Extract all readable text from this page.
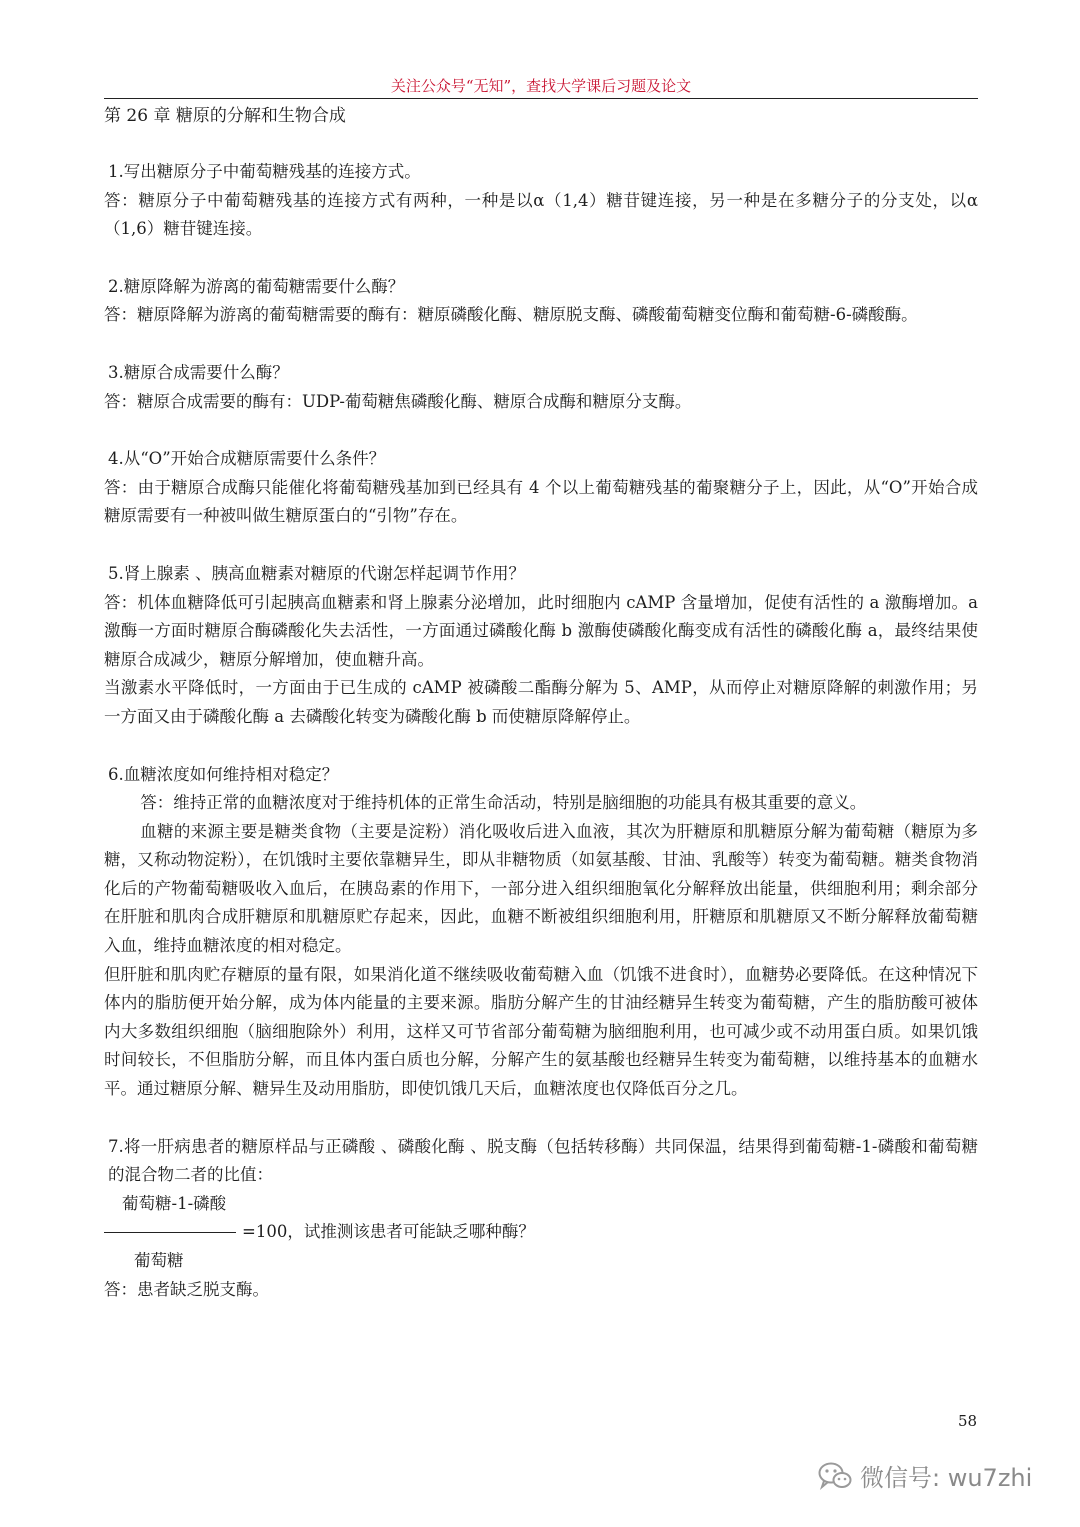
关注公众号“无知”，查找大学课后习题及论文
第 26 章 糖原的分解和生物合成

1.写出糖原分子中葡萄糖残基的连接方式。

答：糖原分子中葡萄糖残基的连接方式有两种，一种是以α（1,4）糖苷键连接，另一种是在多糖分子的分支处，以α（1,6）糖苷键连接。

2.糖原降解为游离的葡萄糖需要什么酶？

答：糖原降解为游离的葡萄糖需要的酶有：糖原磷酸化酶、糖原脱支酶、磷酸葡萄糖变位酶和葡萄糖-6-磷酸酶。

3.糖原合成需要什么酶？

答：糖原合成需要的酶有：UDP-葡萄糖焦磷酸化酶、糖原合成酶和糖原分支酶。

4.从“O”开始合成糖原需要什么条件？

答：由于糖原合成酶只能催化将葡萄糖残基加到已经具有 4 个以上葡萄糖残基的葡聚糖分子上，因此，从“O”开始合成糖原需要有一种被叫做生糖原蛋白的“引物”存在。

5.肾上腺素 、胰高血糖素对糖原的代谢怎样起调节作用？

答：机体血糖降低可引起胰高血糖素和肾上腺素分泌增加，此时细胞内 cAMP 含量增加，促使有活性的 a 激酶增加。a 激酶一方面时糖原合酶磷酸化失去活性，一方面通过磷酸化酶 b 激酶使磷酸化酶变成有活性的磷酸化酶 a，最终结果使糖原合成减少，糖原分解增加，使血糖升高。

当激素水平降低时，一方面由于已生成的 cAMP 被磷酸二酯酶分解为 5、AMP，从而停止对糖原降解的刺激作用；另一方面又由于磷酸化酶 a 去磷酸化转变为磷酸化酶 b 而使糖原降解停止。

6.血糖浓度如何维持相对稳定？

答：维持正常的血糖浓度对于维持机体的正常生命活动，特别是脑细胞的功能具有极其重要的意义。

血糖的来源主要是糖类食物（主要是淀粉）消化吸收后进入血液，其次为肝糖原和肌糖原分解为葡萄糖（糖原为多糖，又称动物淀粉），在饥饿时主要依靠糖异生，即从非糖物质（如氨基酸、甘油、乳酸等）转变为葡萄糖。糖类食物消化后的产物葡萄糖吸收入血后，在胰岛素的作用下，一部分进入组织细胞氧化分解释放出能量，供细胞利用；剩余部分在肝脏和肌肉合成肝糖原和肌糖原贮存起来，因此，血糖不断被组织细胞利用，肝糖原和肌糖原又不断分解释放葡萄糖入血，维持血糖浓度的相对稳定。

但肝脏和肌肉贮存糖原的量有限，如果消化道不继续吸收葡萄糖入血（饥饿不进食时），血糖势必要降低。在这种情况下体内的脂肪便开始分解，成为体内能量的主要来源。脂肪分解产生的甘油经糖异生转变为葡萄糖，产生的脂肪酸可被体内大多数组织细胞（脑细胞除外）利用，这样又可节省部分葡萄糖为脑细胞利用，也可减少或不动用蛋白质。如果饥饿时间较长，不但脂肪分解，而且体内蛋白质也分解，分解产生的氨基酸也经糖异生转变为葡萄糖，以维持基本的血糖水平。通过糖原分解、糖异生及动用脂肪，即使饥饿几天后，血糖浓度也仅降低百分之几。

7.将一肝病患者的糖原样品与正磷酸 、磷酸化酶 、脱支酶（包括转移酶）共同保温，结果得到葡萄糖-1-磷酸和葡萄糖的混合物二者的比值：

葡萄糖-1-磷酸

=100，试推测该患者可能缺乏哪种酶？

葡萄糖

答：患者缺乏脱支酶。

58
微信号: wu7zhi
